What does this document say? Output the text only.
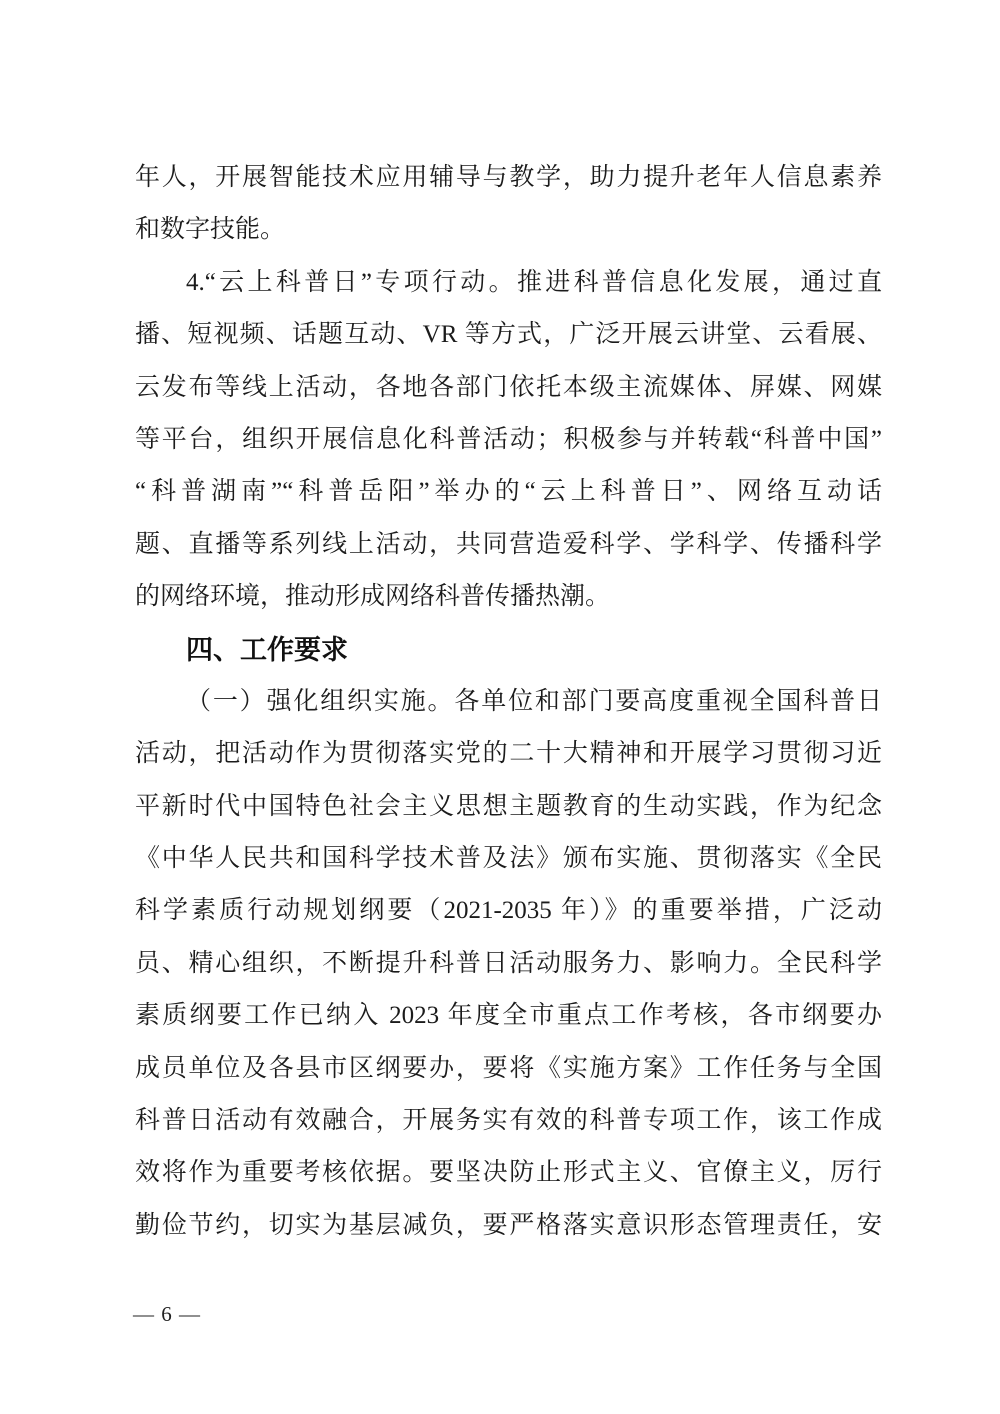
年人，开展智能技术应用辅导与教学，助力提升老年人信息素养
和数字技能。
4.“云上科普日”专项行动。推进科普信息化发展，通过直
播、短视频、话题互动、VR 等方式，广泛开展云讲堂、云看展、
云发布等线上活动，各地各部门依托本级主流媒体、屏媒、网媒
等平台，组织开展信息化科普活动；积极参与并转载“科普中国”
“科普湖南”“科普岳阳”举办的“云上科普日”、网络互动话
题、直播等系列线上活动，共同营造爱科学、学科学、传播科学
的网络环境，推动形成网络科普传播热潮。
四、工作要求
（一）强化组织实施。各单位和部门要高度重视全国科普日
活动，把活动作为贯彻落实党的二十大精神和开展学习贯彻习近
平新时代中国特色社会主义思想主题教育的生动实践，作为纪念
《中华人民共和国科学技术普及法》颁布实施、贯彻落实《全民
科学素质行动规划纲要（2021-2035 年）》的重要举措，广泛动
员、精心组织，不断提升科普日活动服务力、影响力。全民科学
素质纲要工作已纳入 2023 年度全市重点工作考核，各市纲要办
成员单位及各县市区纲要办，要将《实施方案》工作任务与全国
科普日活动有效融合，开展务实有效的科普专项工作，该工作成
效将作为重要考核依据。要坚决防止形式主义、官僚主义，厉行
勤俭节约，切实为基层减负，要严格落实意识形态管理责任，安
— 6 —
